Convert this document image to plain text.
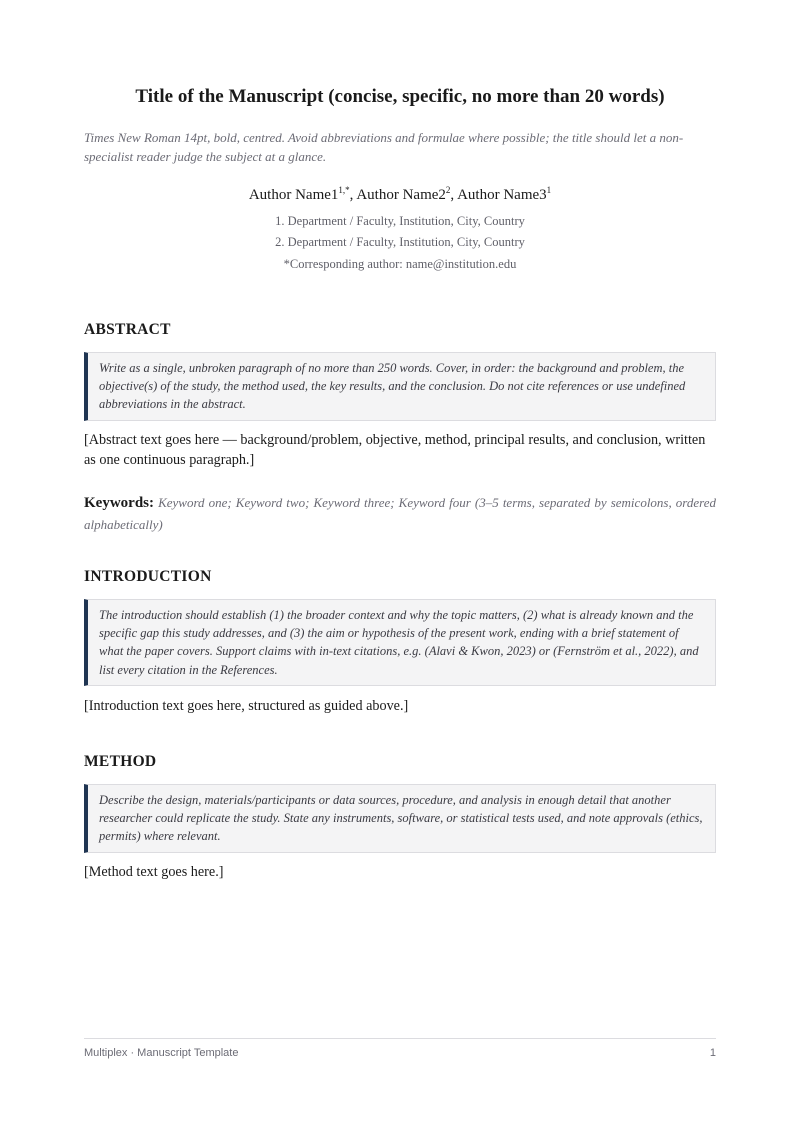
Title of the Manuscript (concise, specific, no more than 20 words)

Times New Roman 14pt, bold, centred. Avoid abbreviations and formulae where possible; the title should let a non-specialist reader judge the subject at a glance.

Author $Name1^{1,*}$, Author $Name2^2$, Author $Name3^1$
1. Department / Faculty, Institution, City, Country
2. Department / Faculty, Institution, City, Country
*Corresponding author: name@institution.edu
ABSTRACT

Write as a single, unbroken paragraph of no more than 250 words. Cover, in order: the background and problem, the objective(s) of the study, the method used, the key results, and the conclusion. Do not cite references or use undefined abbreviations in the abstract.

[Abstract text goes here — background/problem, objective, method, principal results, and conclusion, written as one continuous paragraph.]

Keywords: Keyword one; Keyword two; Keyword three; Keyword four (3–5 terms, separated by semicolons, ordered alphabetically)

INTRODUCTION

The introduction should establish (1) the broader context and why the topic matters, (2) what is already known and the specific gap this study addresses, and (3) the aim or hypothesis of the present work, ending with a brief statement of what the paper covers. Support claims with in-text citations, e.g. (Alavi & Kwon, 2023) or (Fernström et al., 2022), and list every citation in the References.

[Introduction text goes here, structured as guided above.]

METHOD

Describe the design, materials/participants or data sources, procedure, and analysis in enough detail that another researcher could replicate the study. State any instruments, software, or statistical tests used, and note approvals (ethics, permits) where relevant.

[Method text goes here.]

Multiplex · Manuscript Template	1
